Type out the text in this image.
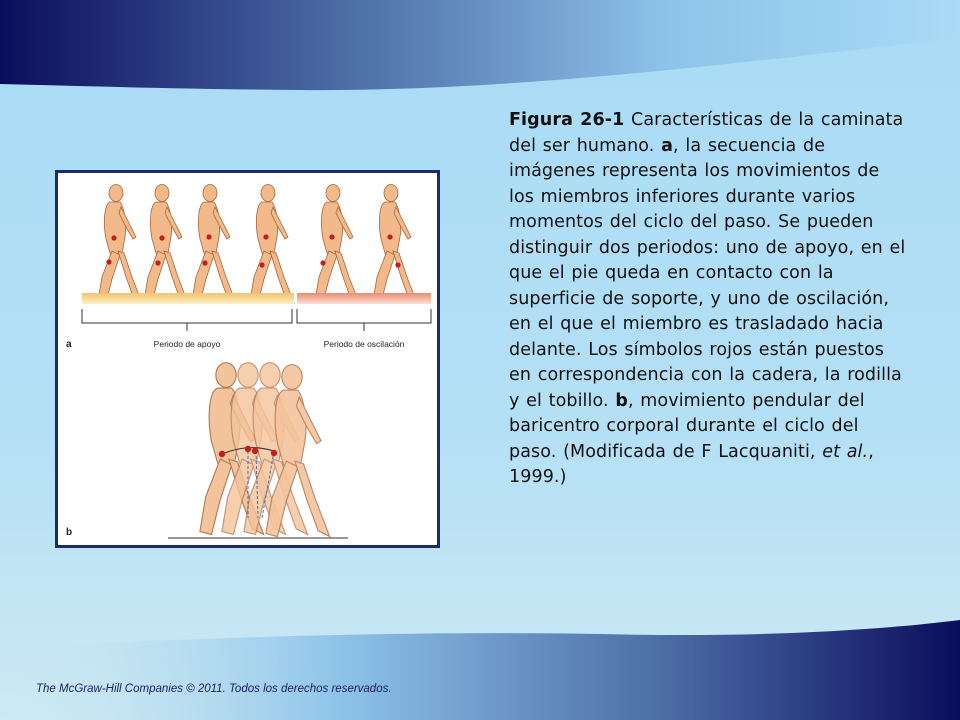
a	Periodo de apoyo	Periodo de oscilación
b
Figura 26-1 Características de la caminata del ser humano. a, la secuencia de imágenes representa los movimientos de los miembros inferiores durante varios momentos del ciclo del paso. Se pueden distinguir dos periodos: uno de apoyo, en el que el pie queda en contacto con la superficie de soporte, y uno de oscilación, en el que el miembro es trasladado hacia delante. Los símbolos rojos están puestos en correspondencia con la cadera, la rodilla y el tobillo. b, movimiento pendular del baricentro corporal durante el ciclo del paso. (Modificada de F Lacquaniti, et al., 1999.)
The McGraw-Hill Companies © 2011. Todos los derechos reservados.
